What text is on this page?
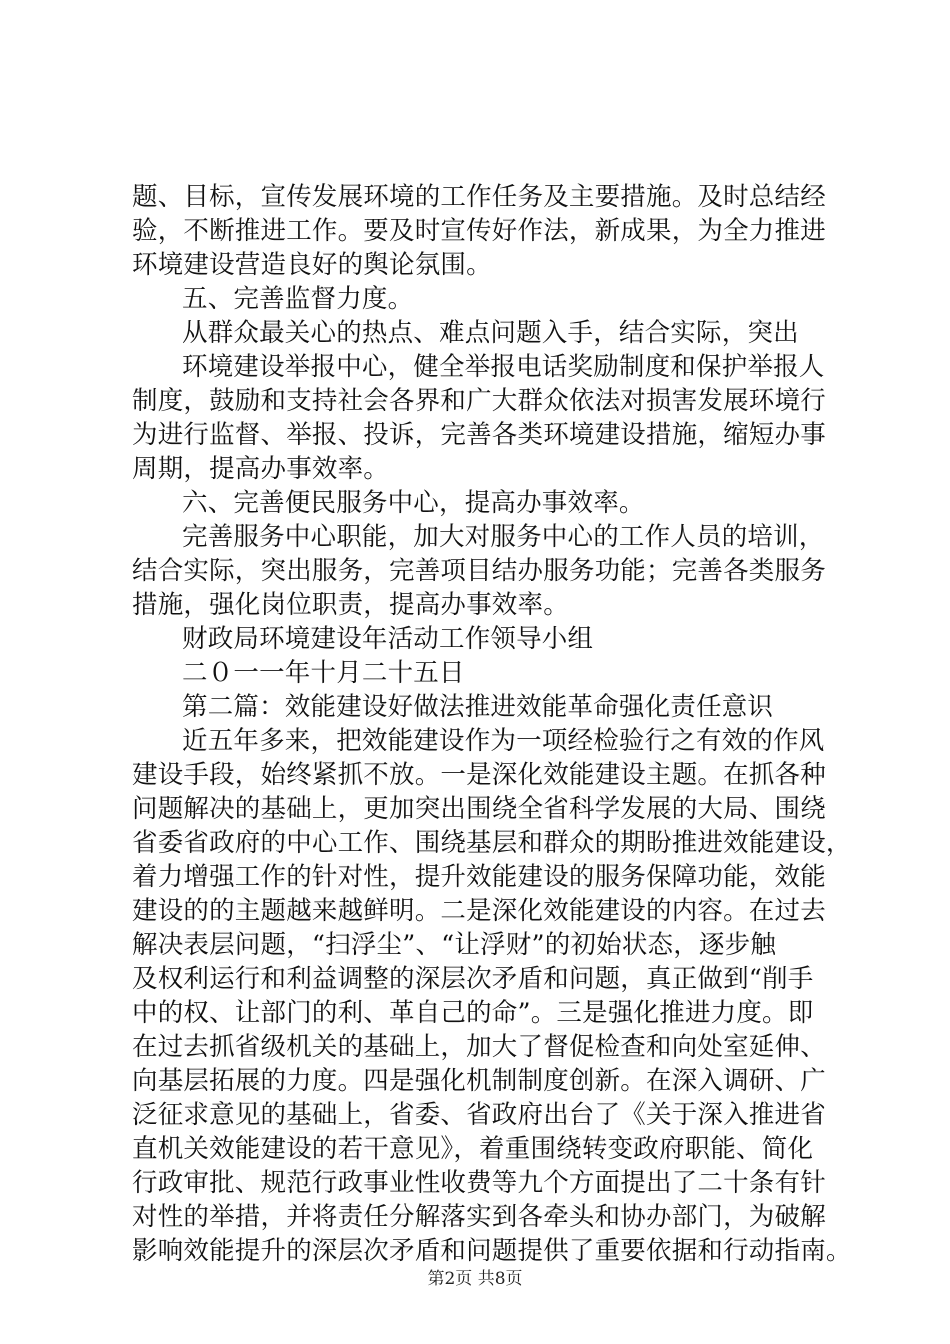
题、目标，宣传发展环境的工作任务及主要措施。及时总结经
验，不断推进工作。要及时宣传好作法，新成果，为全力推进
环境建设营造良好的舆论氛围。
五、完善监督力度。
从群众最关心的热点、难点问题入手，结合实际，突出
环境建设举报中心，健全举报电话奖励制度和保护举报人
制度，鼓励和支持社会各界和广大群众依法对损害发展环境行
为进行监督、举报、投诉，完善各类环境建设措施，缩短办事
周期，提高办事效率。
六、完善便民服务中心，提高办事效率。
完善服务中心职能，加大对服务中心的工作人员的培训，
结合实际，突出服务，完善项目结办服务功能；完善各类服务
措施，强化岗位职责，提高办事效率。
财政局环境建设年活动工作领导小组
二０一一年十月二十五日
第二篇：效能建设好做法推进效能革命强化责任意识
近五年多来，把效能建设作为一项经检验行之有效的作风
建设手段，始终紧抓不放。一是深化效能建设主题。在抓各种
问题解决的基础上，更加突出围绕全省科学发展的大局、围绕
省委省政府的中心工作、围绕基层和群众的期盼推进效能建设，
着力增强工作的针对性，提升效能建设的服务保障功能，效能
建设的的主题越来越鲜明。二是深化效能建设的内容。在过去
解决表层问题，“扫浮尘”、“让浮财”的初始状态，逐步触
及权利运行和利益调整的深层次矛盾和问题，真正做到“削手
中的权、让部门的利、革自己的命”。三是强化推进力度。即
在过去抓省级机关的基础上，加大了督促检查和向处室延伸、
向基层拓展的力度。四是强化机制制度创新。在深入调研、广
泛征求意见的基础上，省委、省政府出台了《关于深入推进省
直机关效能建设的若干意见》，着重围绕转变政府职能、简化
行政审批、规范行政事业性收费等九个方面提出了二十条有针
对性的举措，并将责任分解落实到各牵头和协办部门，为破解
影响效能提升的深层次矛盾和问题提供了重要依据和行动指南。
第2页 共8页
